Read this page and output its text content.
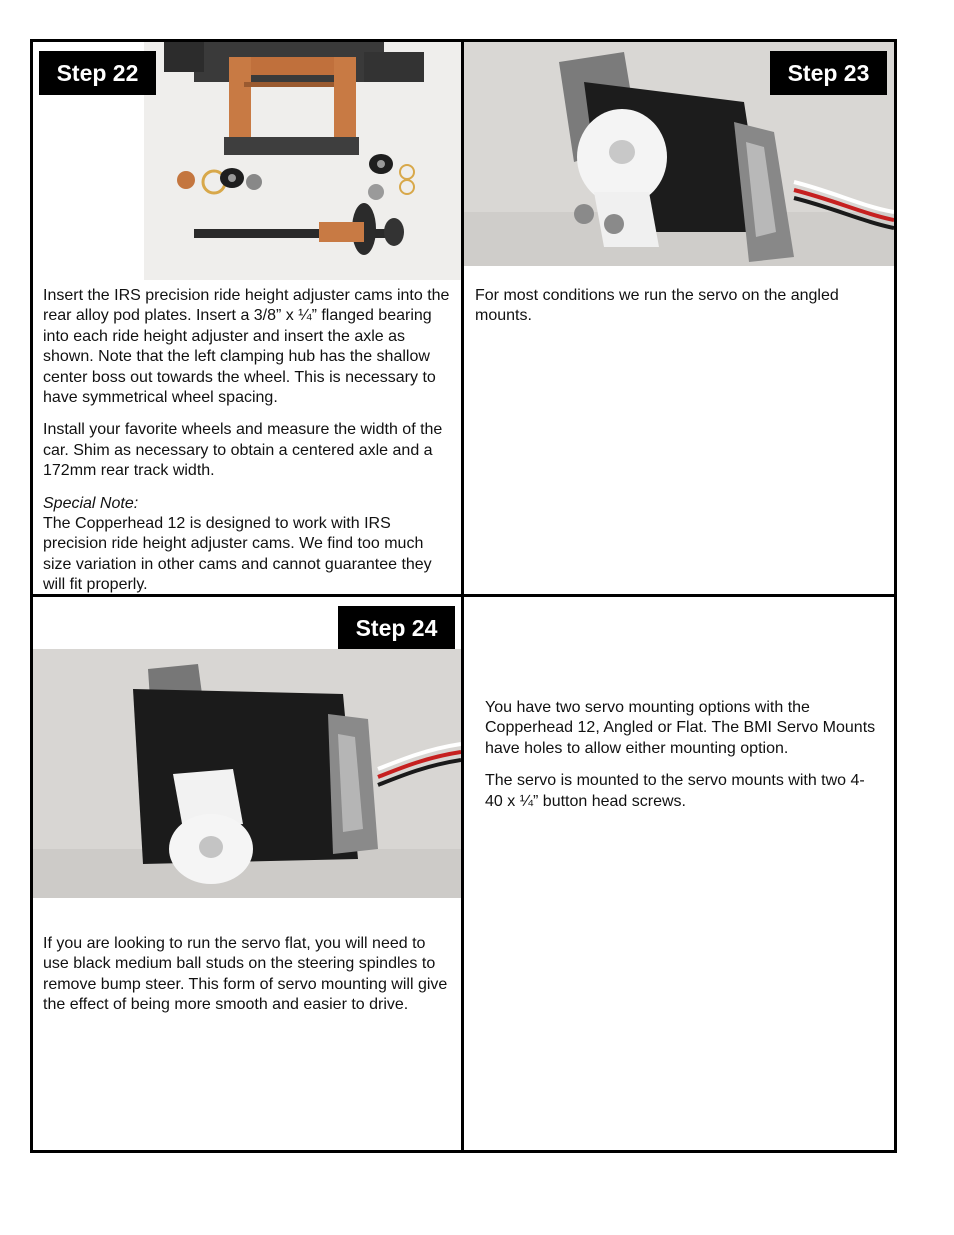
Step 22

Insert the IRS precision ride height adjuster cams into the rear alloy pod plates. Insert a 3/8” x ¼” flanged bearing into each ride height adjuster and insert the axle as shown. Note that the left clamping hub has the shallow center boss out towards the wheel. This is necessary to have symmetrical wheel spacing.

Install your favorite wheels and measure the width of the car. Shim as necessary to obtain a centered axle and a 172mm rear track width.

Special Note:
The Copperhead 12 is designed to work with IRS precision ride height adjuster cams. We find too much size variation in other cams and cannot guarantee they will fit properly.
Step 23

For most conditions we run the servo on the angled mounts.

Step 24

If you are looking to run the servo flat, you will need to use black medium ball studs on the steering spindles to remove bump steer. This form of servo mounting will give the effect of being more smooth and easier to drive.

You have two servo mounting options with the Copperhead 12, Angled or Flat. The BMI Servo Mounts have holes to allow either mounting option.

The servo is mounted to the servo mounts with two 4-40 x ¼” button head screws.
